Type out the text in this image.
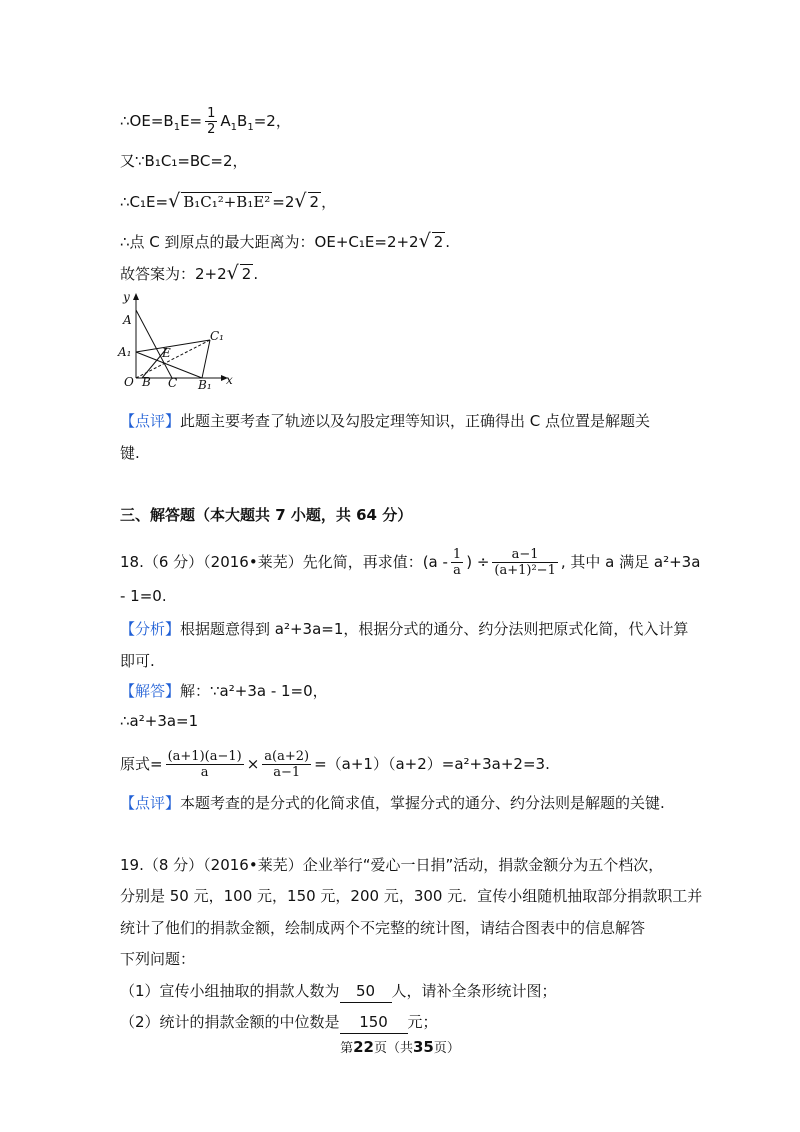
$\therefore OE=B_1E= \frac{1}{2} A_1B_1=2$，
又∵B₁C₁=BC=2，
∴C₁E=√ B₁C₁²+B₁E² =2√ 2 ，
∴点 C 到原点的最大距离为：OE+C₁E=2+2√ 2 .
故答案为：2+2√ 2 .
y
x
A
A₁
O B C B₁
C₁
E
【点评】此题主要考查了轨迹以及勾股定理等知识，正确得出 C 点位置是解题关
键.
三、解答题（本大题共 7 小题，共 64 分）
18.（6 分）（2016•莱芜）先化简，再求值：($a - \frac{1}{a}$ ) ÷ $\frac{a-1}{\text{(a+1)²−1}}$ , 其中 a 满足 a²+3a
- 1=0.
【分析】根据题意得到 a²+3a=1，根据分式的通分、约分法则把原式化简，代入计算
即可.
【解答】解：∵a²+3a - 1=0，
∴a²+3a=1
原式= $\frac{(a+1)(a-1)}{a} \times \frac{a(a+2)}{a-1} =(a+1)(a+2)=a^2+3a+2=3$.
【点评】本题考查的是分式的化简求值，掌握分式的通分、约分法则是解题的关键.
19.（8 分）（2016•莱芜）企业举行“爱心一日捐”活动，捐款金额分为五个档次，
分别是 50 元，100 元，150 元，200 元，300 元．宣传小组随机抽取部分捐款职工并
统计了他们的捐款金额，绘制成两个不完整的统计图，请结合图表中的信息解答
下列问题：
（1）宣传小组抽取的捐款人数为 50 人，请补全条形统计图；
（2）统计的捐款金额的中位数是 150 元；
第22页（共35页）
